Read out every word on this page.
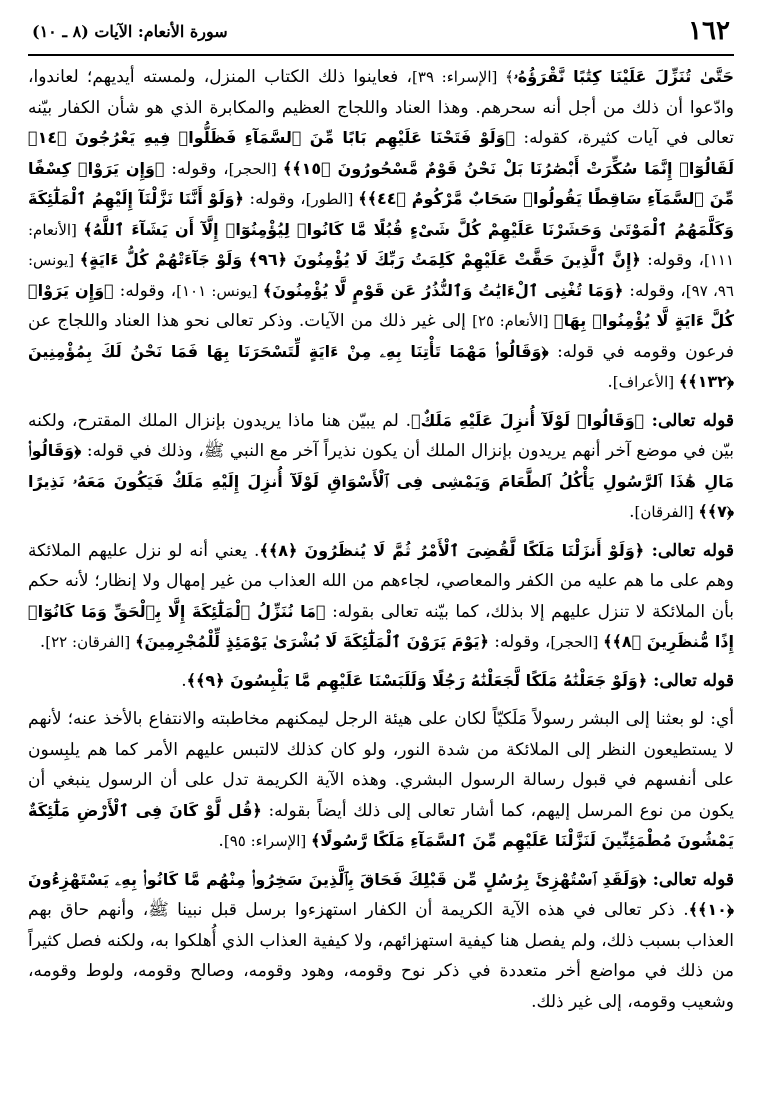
١٦٢
سورة الأنعام: الآيات (٨ ـ ١٠)

حَتَّىٰ تُنَزِّلَ عَلَيْنَا كِتَٰبًا نَّقْرَؤُهُۥ﴾ [الإسراء: ٣٩]، فعاينوا ذلك الكتاب المنزل، ولمسته أيديهم؛ لعاندوا، وادّعوا أن ذلك من أجل أنه سحرهم. وهذا العناد واللجاج العظيم والمكابرة الذي هو شأن الكفار بيّنه تعالى في آيات كثيرة، كقوله: ﴿وَلَوْ فَتَحْنَا عَلَيْهِم بَابًا مِّنَ ٱلسَّمَآءِ فَظَلُّوا۟ فِيهِ يَعْرُجُونَ ﴿١٤﴾ لَقَالُوٓا۟ إِنَّمَا سُكِّرَتْ أَبْصَٰرُنَا بَلْ نَحْنُ قَوْمٌ مَّسْحُورُونَ ﴿١٥﴾﴾ [الحجر]، وقوله: ﴿وَإِن يَرَوْا۟ كِسْفًا مِّنَ ٱلسَّمَآءِ سَاقِطًا يَقُولُوا۟ سَحَابٌ مَّرْكُومٌ ﴿٤٤﴾﴾ [الطور]، وقوله: ﴿وَلَوْ أَنَّنَا نَزَّلْنَآ إِلَيْهِمُ ٱلْمَلَٰٓئِكَةَ وَكَلَّمَهُمُ ٱلْمَوْتَىٰ وَحَشَرْنَا عَلَيْهِمْ كُلَّ شَىْءٍ قُبُلًا مَّا كَانُوا۟ لِيُؤْمِنُوٓا۟ إِلَّآ أَن يَشَآءَ ٱللَّهُ﴾ [الأنعام: ١١١]، وقوله: ﴿إِنَّ ٱلَّذِينَ حَقَّتْ عَلَيْهِمْ كَلِمَتُ رَبِّكَ لَا يُؤْمِنُونَ ﴿٩٦﴾ وَلَوْ جَآءَتْهُمْ كُلُّ ءَايَةٍ﴾ [يونس: ٩٦، ٩٧]، وقوله: ﴿وَمَا تُغْنِى ٱلْءَايَٰتُ وَٱلنُّذُرُ عَن قَوْمٍ لَّا يُؤْمِنُونَ﴾ [يونس: ١٠١]، وقوله: ﴿وَإِن يَرَوْا۟ كُلَّ ءَايَةٍ لَّا يُؤْمِنُوا۟ بِهَا﴾ [الأنعام: ٢٥] إلى غير ذلك من الآيات. وذكر تعالى نحو هذا العناد واللجاج عن فرعون وقومه في قوله: ﴿وَقَالُوا۟ مَهْمَا تَأْتِنَا بِهِۦ مِنْ ءَايَةٍ لِّتَسْحَرَنَا بِهَا فَمَا نَحْنُ لَكَ بِمُؤْمِنِينَ ﴿١٣٢﴾﴾ [الأعراف].

قوله تعالى: ﴿وَقَالُوا۟ لَوْلَآ أُنزِلَ عَلَيْهِ مَلَكٌ﴾. لم يبيّن هنا ماذا يريدون بإنزال الملك المقترح، ولكنه بيّن في موضع آخر أنهم يريدون بإنزال الملك أن يكون نذيراً آخر مع النبي ﷺ، وذلك في قوله: ﴿وَقَالُوا۟ مَالِ هَٰذَا ٱلرَّسُولِ يَأْكُلُ ٱلطَّعَامَ وَيَمْشِى فِى ٱلْأَسْوَاقِ لَوْلَآ أُنزِلَ إِلَيْهِ مَلَكٌ فَيَكُونَ مَعَهُۥ نَذِيرًا ﴿٧﴾﴾ [الفرقان].

قوله تعالى: ﴿وَلَوْ أَنزَلْنَا مَلَكًا لَّقُضِىَ ٱلْأَمْرُ ثُمَّ لَا يُنظَرُونَ ﴿٨﴾﴾. يعني أنه لو نزل عليهم الملائكة وهم على ما هم عليه من الكفر والمعاصي، لجاءهم من الله العذاب من غير إمهال ولا إنظار؛ لأنه حكم بأن الملائكة لا تنزل عليهم إلا بذلك، كما بيّنه تعالى بقوله: ﴿مَا نُنَزِّلُ ٱلْمَلَٰٓئِكَةَ إِلَّا بِٱلْحَقِّ وَمَا كَانُوٓا۟ إِذًا مُّنظَرِينَ ﴿٨﴾﴾ [الحجر]، وقوله: ﴿يَوْمَ يَرَوْنَ ٱلْمَلَٰٓئِكَةَ لَا بُشْرَىٰ يَوْمَئِذٍ لِّلْمُجْرِمِينَ﴾ [الفرقان: ٢٢].

قوله تعالى: ﴿وَلَوْ جَعَلْنَٰهُ مَلَكًا لَّجَعَلْنَٰهُ رَجُلًا وَلَلَبَسْنَا عَلَيْهِم مَّا يَلْبِسُونَ ﴿٩﴾﴾.

أي: لو بعثنا إلى البشر رسولاً مَلَكيّاً لكان على هيئة الرجل ليمكنهم مخاطبته والانتفاع بالأخذ عنه؛ لأنهم لا يستطيعون النظر إلى الملائكة من شدة النور، ولو كان كذلك لالتبس عليهم الأمر كما هم يلبِسون على أنفسهم في قبول رسالة الرسول البشري. وهذه الآية الكريمة تدل على أن الرسول ينبغي أن يكون من نوع المرسل إليهم، كما أشار تعالى إلى ذلك أيضاً بقوله: ﴿قُل لَّوْ كَانَ فِى ٱلْأَرْضِ مَلَٰٓئِكَةٌ يَمْشُونَ مُطْمَئِنِّينَ لَنَزَّلْنَا عَلَيْهِم مِّنَ ٱلسَّمَآءِ مَلَكًا رَّسُولًا﴾ [الإسراء: ٩٥].

قوله تعالى: ﴿وَلَقَدِ ٱسْتُهْزِئَ بِرُسُلٍ مِّن قَبْلِكَ فَحَاقَ بِٱلَّذِينَ سَخِرُوا۟ مِنْهُم مَّا كَانُوا۟ بِهِۦ يَسْتَهْزِءُونَ ﴿١٠﴾﴾. ذكر تعالى في هذه الآية الكريمة أن الكفار استهزءوا برسل قبل نبينا ﷺ، وأنهم حاق بهم العذاب بسبب ذلك، ولم يفصل هنا كيفية استهزائهم، ولا كيفية العذاب الذي أُهلكوا به، ولكنه فصل كثيراً من ذلك في مواضع أخر متعددة في ذكر نوح وقومه، وهود وقومه، وصالح وقومه، ولوط وقومه، وشعيب وقومه، إلى غير ذلك.
